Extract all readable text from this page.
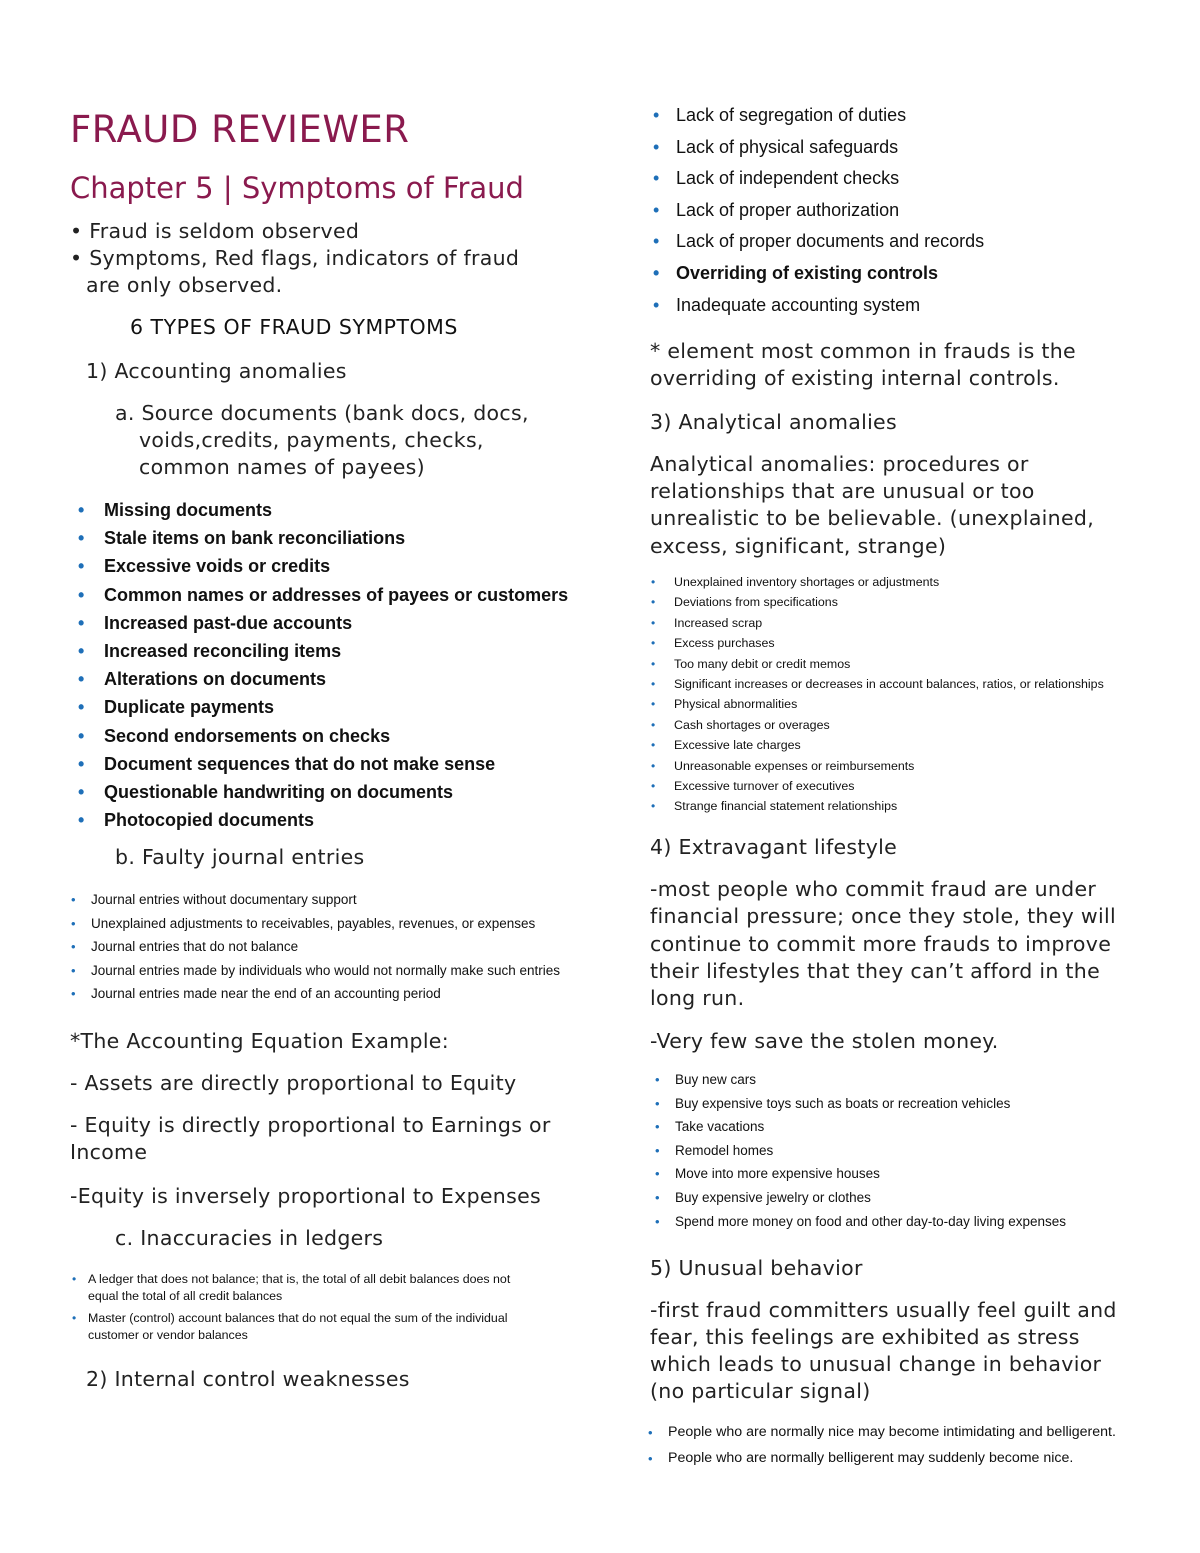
FRAUD REVIEWER
Chapter 5 | Symptoms of Fraud
• Fraud is seldom observed
• Symptoms, Red flags, indicators of fraud
are only observed.
6 TYPES OF FRAUD SYMPTOMS
1) Accounting anomalies
a. Source documents (bank docs, docs,
voids,credits, payments, checks,
common names of payees)
• Missing documents
• Stale items on bank reconciliations
• Excessive voids or credits
• Common names or addresses of payees or customers
• Increased past-due accounts
• Increased reconciling items
• Alterations on documents
• Duplicate payments
• Second endorsements on checks
• Document sequences that do not make sense
• Questionable handwriting on documents
• Photocopied documents
b. Faulty journal entries
• Journal entries without documentary support
• Unexplained adjustments to receivables, payables, revenues, or expenses
• Journal entries that do not balance
• Journal entries made by individuals who would not normally make such entries
• Journal entries made near the end of an accounting period
*The Accounting Equation Example:
- Assets are directly proportional to Equity
- Equity is directly proportional to Earnings or
Income
-Equity is inversely proportional to Expenses
c. Inaccuracies in ledgers
• A ledger that does not balance; that is, the total of all debit balances does not
equal the total of all credit balances
• Master (control) account balances that do not equal the sum of the individual
customer or vendor balances
2) Internal control weaknesses
• Lack of segregation of duties
• Lack of physical safeguards
• Lack of independent checks
• Lack of proper authorization
• Lack of proper documents and records
• Overriding of existing controls
• Inadequate accounting system
* element most common in frauds is the
overriding of existing internal controls.
3) Analytical anomalies
Analytical anomalies: procedures or
relationships that are unusual or too
unrealistic to be believable. (unexplained,
excess, significant, strange)
• Unexplained inventory shortages or adjustments
• Deviations from specifications
• Increased scrap
• Excess purchases
• Too many debit or credit memos
• Significant increases or decreases in account balances, ratios, or relationships
• Physical abnormalities
• Cash shortages or overages
• Excessive late charges
• Unreasonable expenses or reimbursements
• Excessive turnover of executives
• Strange financial statement relationships
4) Extravagant lifestyle
-most people who commit fraud are under
financial pressure; once they stole, they will
continue to commit more frauds to improve
their lifestyles that they can’t afford in the
long run.
-Very few save the stolen money.
• Buy new cars
• Buy expensive toys such as boats or recreation vehicles
• Take vacations
• Remodel homes
• Move into more expensive houses
• Buy expensive jewelry or clothes
• Spend more money on food and other day-to-day living expenses
5) Unusual behavior
-first fraud committers usually feel guilt and
fear, this feelings are exhibited as stress
which leads to unusual change in behavior
(no particular signal)
• People who are normally nice may become intimidating and belligerent.
• People who are normally belligerent may suddenly become nice.
